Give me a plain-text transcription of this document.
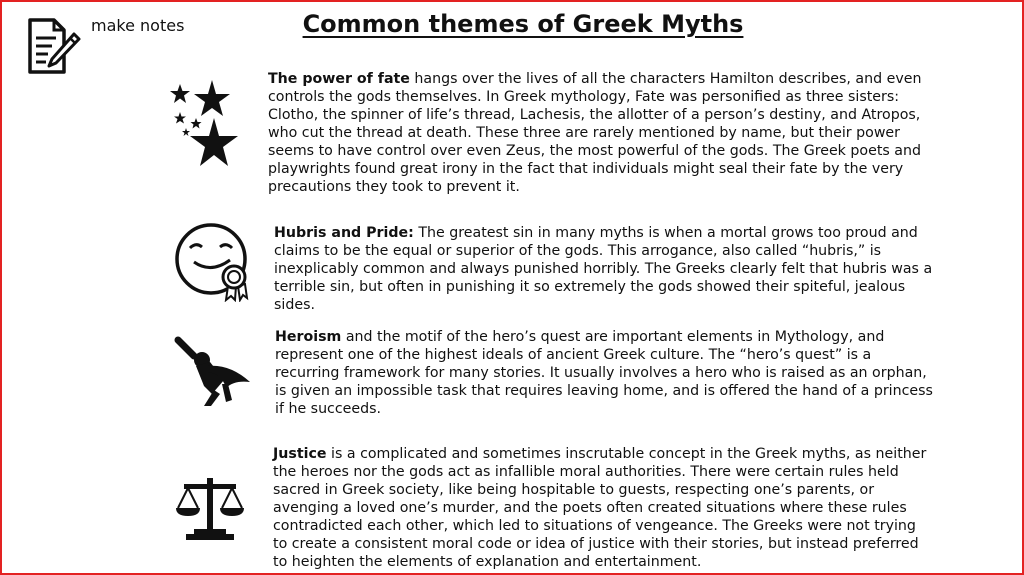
make notes	Common themes of Greek Myths

The power of fate hangs over the lives of all the characters Hamilton describes, and even controls the gods themselves. In Greek mythology, Fate was personified as three sisters: Clotho, the spinner of life’s thread, Lachesis, the allotter of a person’s destiny, and Atropos, who cut the thread at death. These three are rarely mentioned by name, but their power seems to have control over even Zeus, the most powerful of the gods. The Greek poets and playwrights found great irony in the fact that individuals might seal their fate by the very precautions they took to prevent it.

Hubris and Pride: The greatest sin in many myths is when a mortal grows too proud and claims to be the equal or superior of the gods. This arrogance, also called “hubris,” is inexplicably common and always punished horribly. The Greeks clearly felt that hubris was a terrible sin, but often in punishing it so extremely the gods showed their spiteful, jealous sides.

Heroism and the motif of the hero’s quest are important elements in Mythology, and represent one of the highest ideals of ancient Greek culture. The “hero’s quest” is a recurring framework for many stories. It usually involves a hero who is raised as an orphan, is given an impossible task that requires leaving home, and is offered the hand of a princess if he succeeds.

Justice is a complicated and sometimes inscrutable concept in the Greek myths, as neither the heroes nor the gods act as infallible moral authorities. There were certain rules held sacred in Greek society, like being hospitable to guests, respecting one’s parents, or avenging a loved one’s murder, and the poets often created situations where these rules contradicted each other, which led to situations of vengeance. The Greeks were not trying to create a consistent moral code or idea of justice with their stories, but instead preferred to heighten the elements of explanation and entertainment.
